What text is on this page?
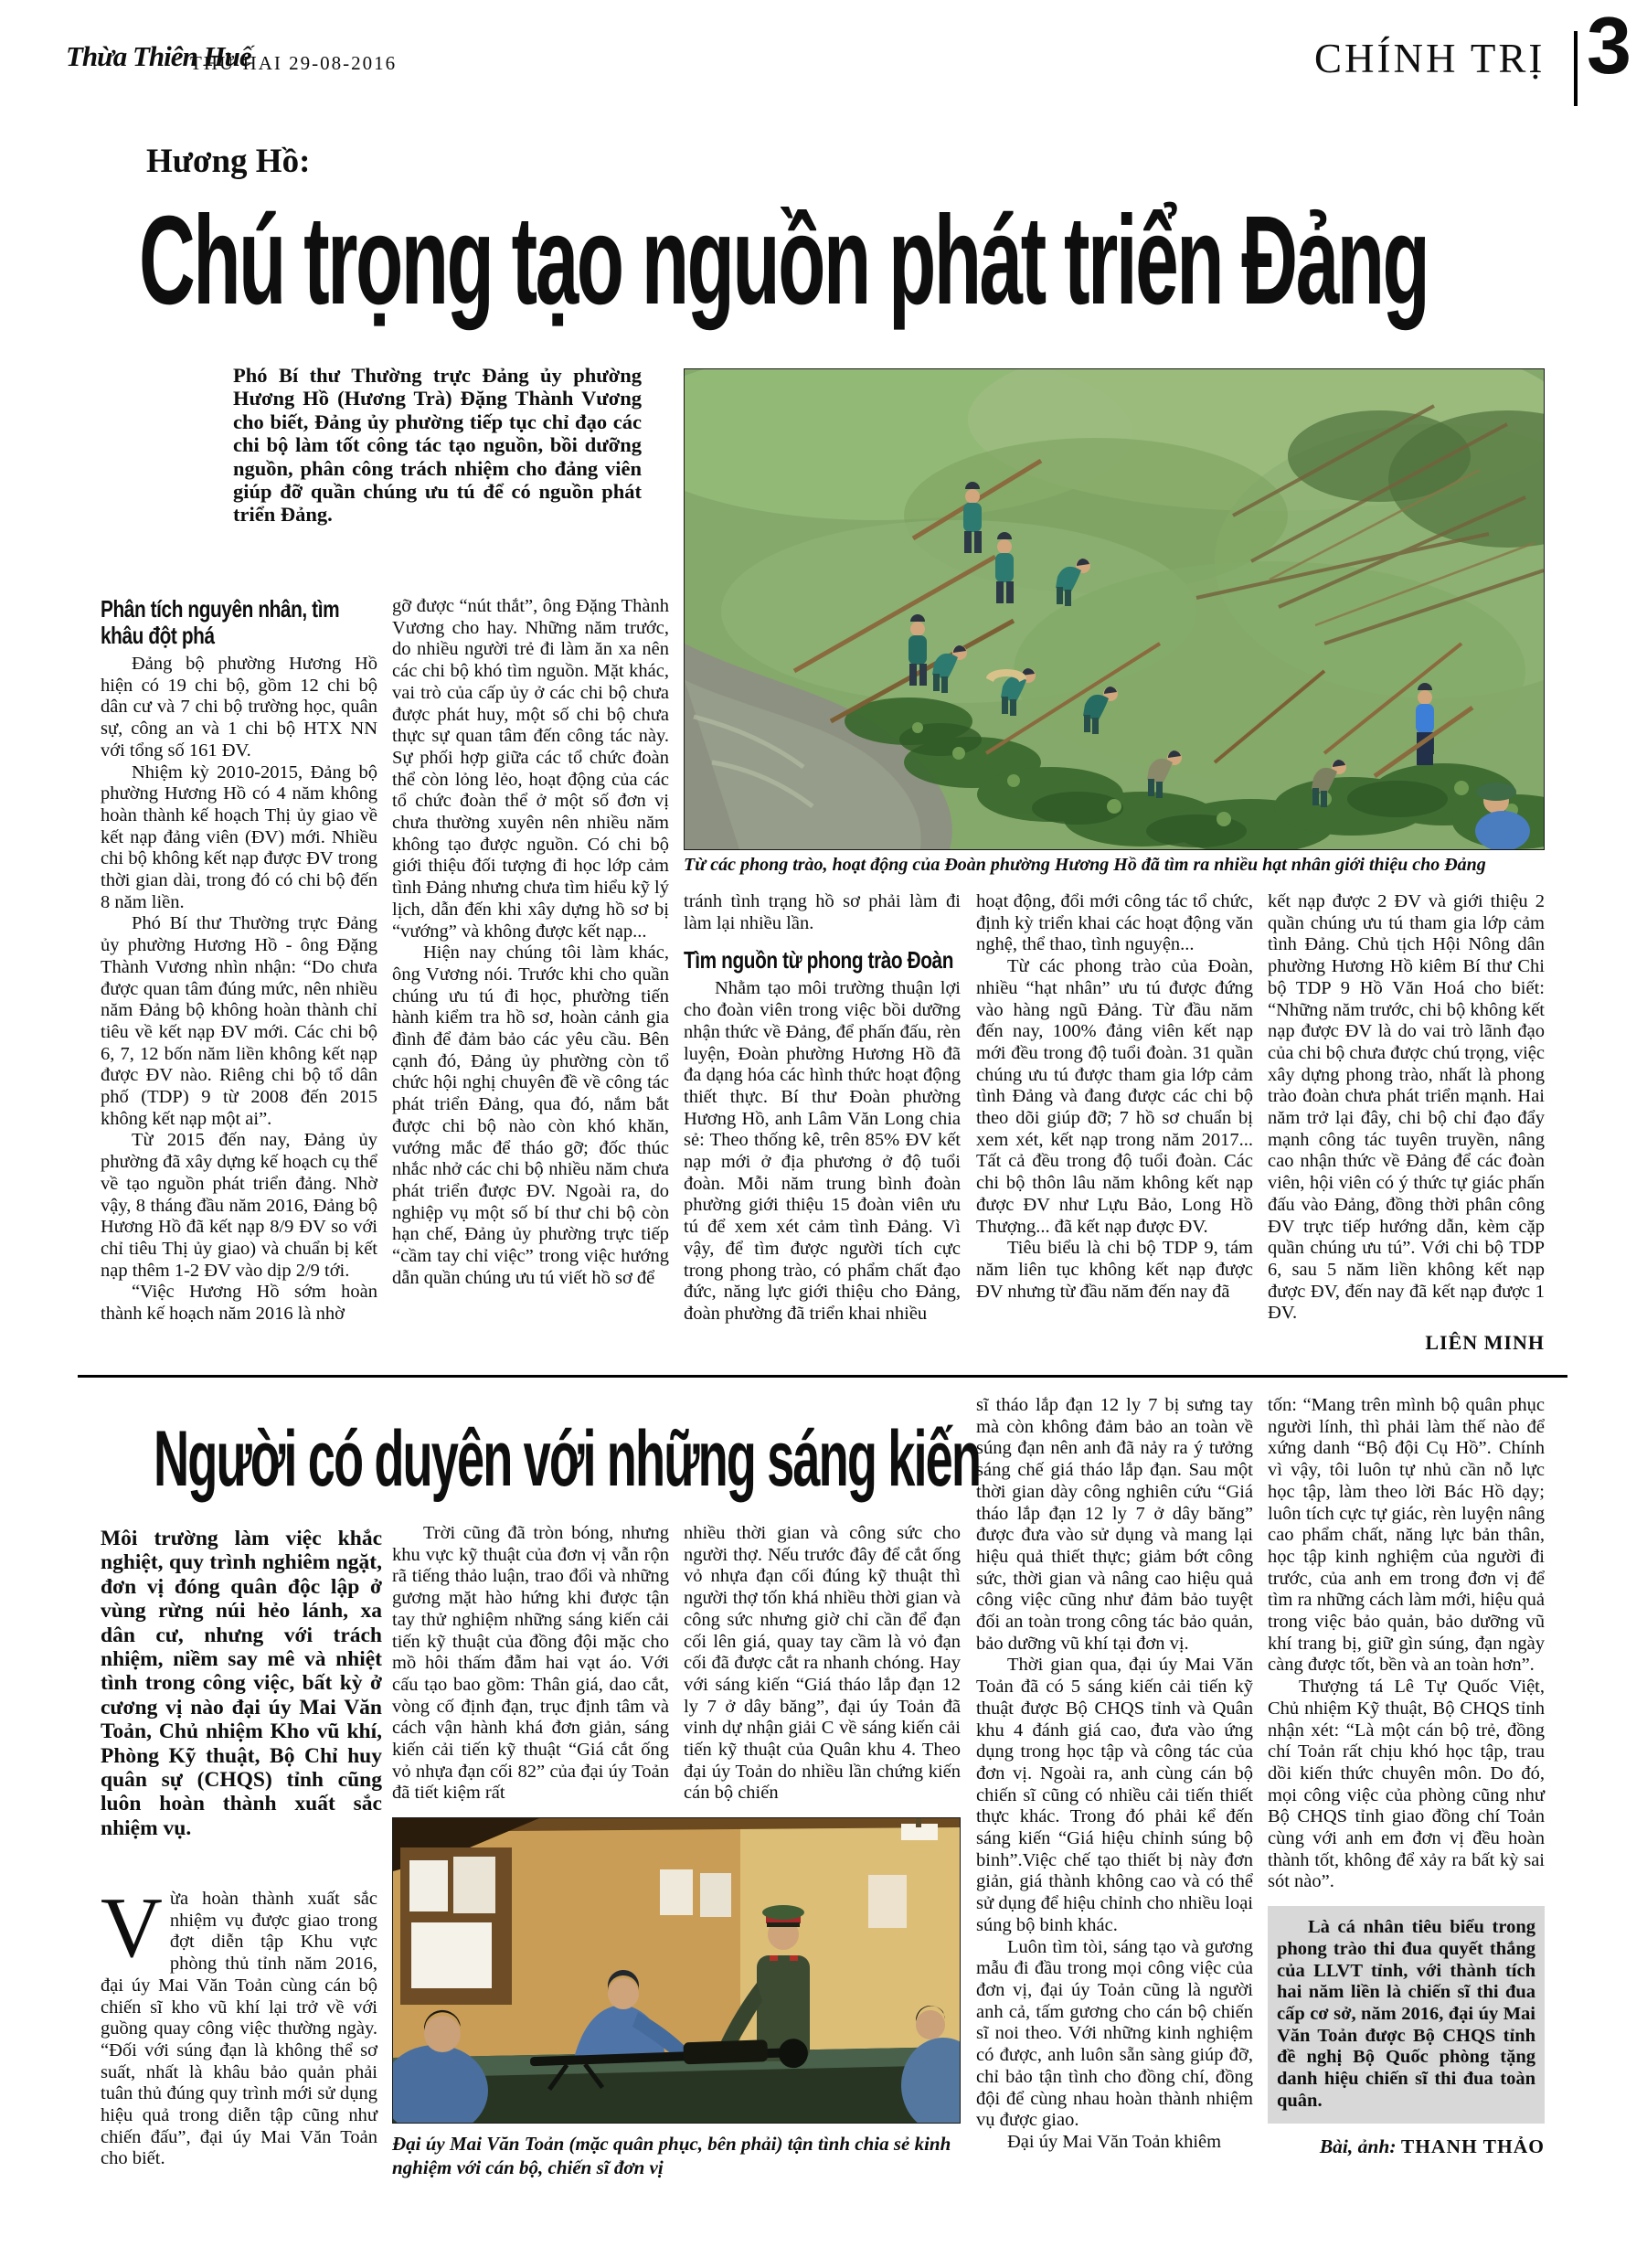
Thừa Thiên Huế
THỨ HAI 29-08-2016	CHÍNH TRỊ 3
Hương Hồ:
Chú trọng tạo nguồn phát triển Đảng
Phó Bí thư Thường trực Đảng ủy phường Hương Hồ (Hương Trà) Đặng Thành Vương cho biết, Đảng ủy phường tiếp tục chỉ đạo các chi bộ làm tốt công tác tạo nguồn, bồi dưỡng nguồn, phân công trách nhiệm cho đảng viên giúp đỡ quần chúng ưu tú để có nguồn phát triển Đảng.
Phân tích nguyên nhân, tìm khâu đột phá

Đảng bộ phường Hương Hồ hiện có 19 chi bộ, gồm 12 chi bộ dân cư và 7 chi bộ trường học, quân sự, công an và 1 chi bộ HTX NN với tổng số 161 ĐV.

Nhiệm kỳ 2010-2015, Đảng bộ phường Hương Hồ có 4 năm không hoàn thành kế hoạch Thị ủy giao về kết nạp đảng viên (ĐV) mới. Nhiều chi bộ không kết nạp được ĐV trong thời gian dài, trong đó có chi bộ đến 8 năm liền.

Phó Bí thư Thường trực Đảng ủy phường Hương Hồ - ông Đặng Thành Vương nhìn nhận: “Do chưa được quan tâm đúng mức, nên nhiều năm Đảng bộ không hoàn thành chỉ tiêu về kết nạp ĐV mới. Các chi bộ 6, 7, 12 bốn năm liền không kết nạp được ĐV nào. Riêng chi bộ tổ dân phố (TDP) 9 từ 2008 đến 2015 không kết nạp một ai”.

Từ 2015 đến nay, Đảng ủy phường đã xây dựng kế hoạch cụ thể về tạo nguồn phát triển đảng. Nhờ vậy, 8 tháng đầu năm 2016, Đảng bộ Hương Hồ đã kết nạp 8/9 ĐV so với chỉ tiêu Thị ủy giao) và chuẩn bị kết nạp thêm 1-2 ĐV vào dịp 2/9 tới.

“Việc Hương Hồ sớm hoàn thành kế hoạch năm 2016 là nhờ

gỡ được “nút thắt”, ông Đặng Thành Vương cho hay. Những năm trước, do nhiều người trẻ đi làm ăn xa nên các chi bộ khó tìm nguồn. Mặt khác, vai trò của cấp ủy ở các chi bộ chưa được phát huy, một số chi bộ chưa thực sự quan tâm đến công tác này. Sự phối hợp giữa các tổ chức đoàn thể còn lỏng lẻo, hoạt động của các tổ chức đoàn thể ở một số đơn vị chưa thường xuyên nên nhiều năm không tạo được nguồn. Có chi bộ giới thiệu đối tượng đi học lớp cảm tình Đảng nhưng chưa tìm hiểu kỹ lý lịch, dẫn đến khi xây dựng hồ sơ bị “vướng” và không được kết nạp...

Hiện nay chúng tôi làm khác, ông Vương nói. Trước khi cho quần chúng ưu tú đi học, phường tiến hành kiểm tra hồ sơ, hoàn cảnh gia đình để đảm bảo các yêu cầu. Bên cạnh đó, Đảng ủy phường còn tổ chức hội nghị chuyên đề về công tác phát triển Đảng, qua đó, nắm bắt được chi bộ nào còn khó khăn, vướng mắc để tháo gỡ; đốc thúc nhắc nhở các chi bộ nhiều năm chưa phát triển được ĐV. Ngoài ra, do nghiệp vụ một số bí thư chi bộ còn hạn chế, Đảng ủy phường trực tiếp “cầm tay chỉ việc” trong việc hướng dẫn quần chúng ưu tú viết hồ sơ để

tránh tình trạng hồ sơ phải làm đi làm lại nhiều lần.

Tìm nguồn từ phong trào Đoàn

Nhằm tạo môi trường thuận lợi cho đoàn viên trong việc bồi dưỡng nhận thức về Đảng, để phấn đấu, rèn luyện, Đoàn phường Hương Hồ đã đa dạng hóa các hình thức hoạt động thiết thực. Bí thư Đoàn phường Hương Hồ, anh Lâm Văn Long chia sẻ: Theo thống kê, trên 85% ĐV kết nạp mới ở địa phương ở độ tuổi đoàn. Mỗi năm trung bình đoàn phường giới thiệu 15 đoàn viên ưu tú để xem xét cảm tình Đảng. Vì vậy, để tìm được người tích cực trong phong trào, có phẩm chất đạo đức, năng lực giới thiệu cho Đảng, đoàn phường đã triển khai nhiều

hoạt động, đổi mới công tác tổ chức, định kỳ triển khai các hoạt động văn nghệ, thể thao, tình nguyện...

Từ các phong trào của Đoàn, nhiều “hạt nhân” ưu tú được đứng vào hàng ngũ Đảng. Từ đầu năm đến nay, 100% đảng viên kết nạp mới đều trong độ tuổi đoàn. 31 quần chúng ưu tú được tham gia lớp cảm tình Đảng và đang được các chi bộ theo dõi giúp đỡ; 7 hồ sơ chuẩn bị xem xét, kết nạp trong năm 2017... Tất cả đều trong độ tuổi đoàn. Các chi bộ thôn lâu năm không kết nạp được ĐV như Lựu Bảo, Long Hồ Thượng... đã kết nạp được ĐV.

Tiêu biểu là chi bộ TDP 9, tám năm liên tục không kết nạp được ĐV nhưng từ đầu năm đến nay đã

kết nạp được 2 ĐV và giới thiệu 2 quần chúng ưu tú tham gia lớp cảm tình Đảng. Chủ tịch Hội Nông dân phường Hương Hồ kiêm Bí thư Chi bộ TDP 9 Hồ Văn Hoá cho biết: “Những năm trước, chi bộ không kết nạp được ĐV là do vai trò lãnh đạo của chi bộ chưa được chú trọng, việc xây dựng phong trào, nhất là phong trào đoàn chưa phát triển mạnh. Hai năm trở lại đây, chi bộ chỉ đạo đẩy mạnh công tác tuyên truyền, nâng cao nhận thức về Đảng để các đoàn viên, hội viên có ý thức tự giác phấn đấu vào Đảng, đồng thời phân công ĐV trực tiếp hướng dẫn, kèm cặp quần chúng ưu tú”. Với chi bộ TDP 6, sau 5 năm liền không kết nạp được ĐV, đến nay đã kết nạp được 1 ĐV.

LIÊN MINH

Từ các phong trào, hoạt động của Đoàn phường Hương Hồ đã tìm ra nhiều hạt nhân giới thiệu cho Đảng
Người có duyên với những sáng kiến
Môi trường làm việc khắc nghiệt, quy trình nghiêm ngặt, đơn vị đóng quân độc lập ở vùng rừng núi hẻo lánh, xa dân cư, nhưng với trách nhiệm, niềm say mê và nhiệt tình trong công việc, bất kỳ ở cương vị nào đại úy Mai Văn Toản, Chủ nhiệm Kho vũ khí, Phòng Kỹ thuật, Bộ Chỉ huy quân sự (CHQS) tỉnh cũng luôn hoàn thành xuất sắc nhiệm vụ.

Vừa hoàn thành xuất sắc nhiệm vụ được giao trong đợt diễn tập Khu vực phòng thủ tỉnh năm 2016, đại úy Mai Văn Toản cùng cán bộ chiến sĩ kho vũ khí lại trở về với guồng quay công việc thường ngày. “Đối với súng đạn là không thể sơ suất, nhất là khâu bảo quản phải tuân thủ đúng quy trình mới sử dụng hiệu quả trong diễn tập cũng như chiến đấu”, đại úy Mai Văn Toản cho biết.

Trời cũng đã tròn bóng, nhưng khu vực kỹ thuật của đơn vị vẫn rộn rã tiếng thảo luận, trao đổi và những gương mặt hào hứng khi được tận tay thử nghiệm những sáng kiến cải tiến kỹ thuật của đồng đội mặc cho mồ hôi thấm đẫm hai vạt áo. Với cấu tạo bao gồm: Thân giá, dao cắt, vòng cố định đạn, trục định tâm và cách vận hành khá đơn giản, sáng kiến cải tiến kỹ thuật “Giá cắt ống vỏ nhựa đạn cối 82” của đại úy Toản đã tiết kiệm rất

nhiều thời gian và công sức cho người thợ. Nếu trước đây để cắt ống vỏ nhựa đạn cối đúng kỹ thuật thì người thợ tốn khá nhiều thời gian và công sức nhưng giờ chỉ cần để đạn cối lên giá, quay tay cầm là vỏ đạn cối đã được cắt ra nhanh chóng. Hay với sáng kiến “Giá tháo lắp đạn 12 ly 7 ở dây băng”, đại úy Toản đã vinh dự nhận giải C về sáng kiến cải tiến kỹ thuật của Quân khu 4. Theo đại úy Toản do nhiều lần chứng kiến cán bộ chiến

sĩ tháo lắp đạn 12 ly 7 bị sưng tay mà còn không đảm bảo an toàn về súng đạn nên anh đã nảy ra ý tưởng sáng chế giá tháo lắp đạn. Sau một thời gian dày công nghiên cứu “Giá tháo lắp đạn 12 ly 7 ở dây băng” được đưa vào sử dụng và mang lại hiệu quả thiết thực; giảm bớt công sức, thời gian và nâng cao hiệu quả công việc cũng như đảm bảo tuyệt đối an toàn trong công tác bảo quản, bảo dưỡng vũ khí tại đơn vị.

Thời gian qua, đại úy Mai Văn Toản đã có 5 sáng kiến cải tiến kỹ thuật được Bộ CHQS tỉnh và Quân khu 4 đánh giá cao, đưa vào ứng dụng trong học tập và công tác của đơn vị. Ngoài ra, anh cùng cán bộ chiến sĩ cũng có nhiều cải tiến thiết thực khác. Trong đó phải kể đến sáng kiến “Giá hiệu chỉnh súng bộ binh”.Việc chế tạo thiết bị này đơn giản, giá thành không cao và có thể sử dụng để hiệu chỉnh cho nhiều loại súng bộ binh khác.

Luôn tìm tòi, sáng tạo và gương mẫu đi đầu trong mọi công việc của đơn vị, đại úy Toản cũng là người anh cả, tấm gương cho cán bộ chiến sĩ noi theo. Với những kinh nghiệm có được, anh luôn sẵn sàng giúp đỡ, chỉ bảo tận tình cho đồng chí, đồng đội để cùng nhau hoàn thành nhiệm vụ được giao.

Đại úy Mai Văn Toản khiêm

tốn: “Mang trên mình bộ quân phục người lính, thì phải làm thế nào để xứng danh “Bộ đội Cụ Hồ”. Chính vì vậy, tôi luôn tự nhủ cần nỗ lực học tập, làm theo lời Bác Hồ dạy; luôn tích cực tự giác, rèn luyện nâng cao phẩm chất, năng lực bản thân, học tập kinh nghiệm của người đi trước, của anh em trong đơn vị để tìm ra những cách làm mới, hiệu quả trong việc bảo quản, bảo dưỡng vũ khí trang bị, giữ gìn súng, đạn ngày càng được tốt, bền và an toàn hơn”.

Thượng tá Lê Tự Quốc Việt, Chủ nhiệm Kỹ thuật, Bộ CHQS tỉnh nhận xét: “Là một cán bộ trẻ, đồng chí Toản rất chịu khó học tập, trau dồi kiến thức chuyên môn. Do đó, mọi công việc của phòng cũng như Bộ CHQS tỉnh giao đồng chí Toản cùng với anh em đơn vị đều hoàn thành tốt, không để xảy ra bất kỳ sai sót nào”.

Là cá nhân tiêu biểu trong phong trào thi đua quyết thắng của LLVT tỉnh, với thành tích hai năm liền là chiến sĩ thi đua cấp cơ sở, năm 2016, đại úy Mai Văn Toản được Bộ CHQS tỉnh đề nghị Bộ Quốc phòng tặng danh hiệu chiến sĩ thi đua toàn quân.

Bài, ảnh: THANH THẢO

Đại úy Mai Văn Toản (mặc quân phục, bên phải) tận tình chia sẻ kinh nghiệm với cán bộ, chiến sĩ đơn vị
